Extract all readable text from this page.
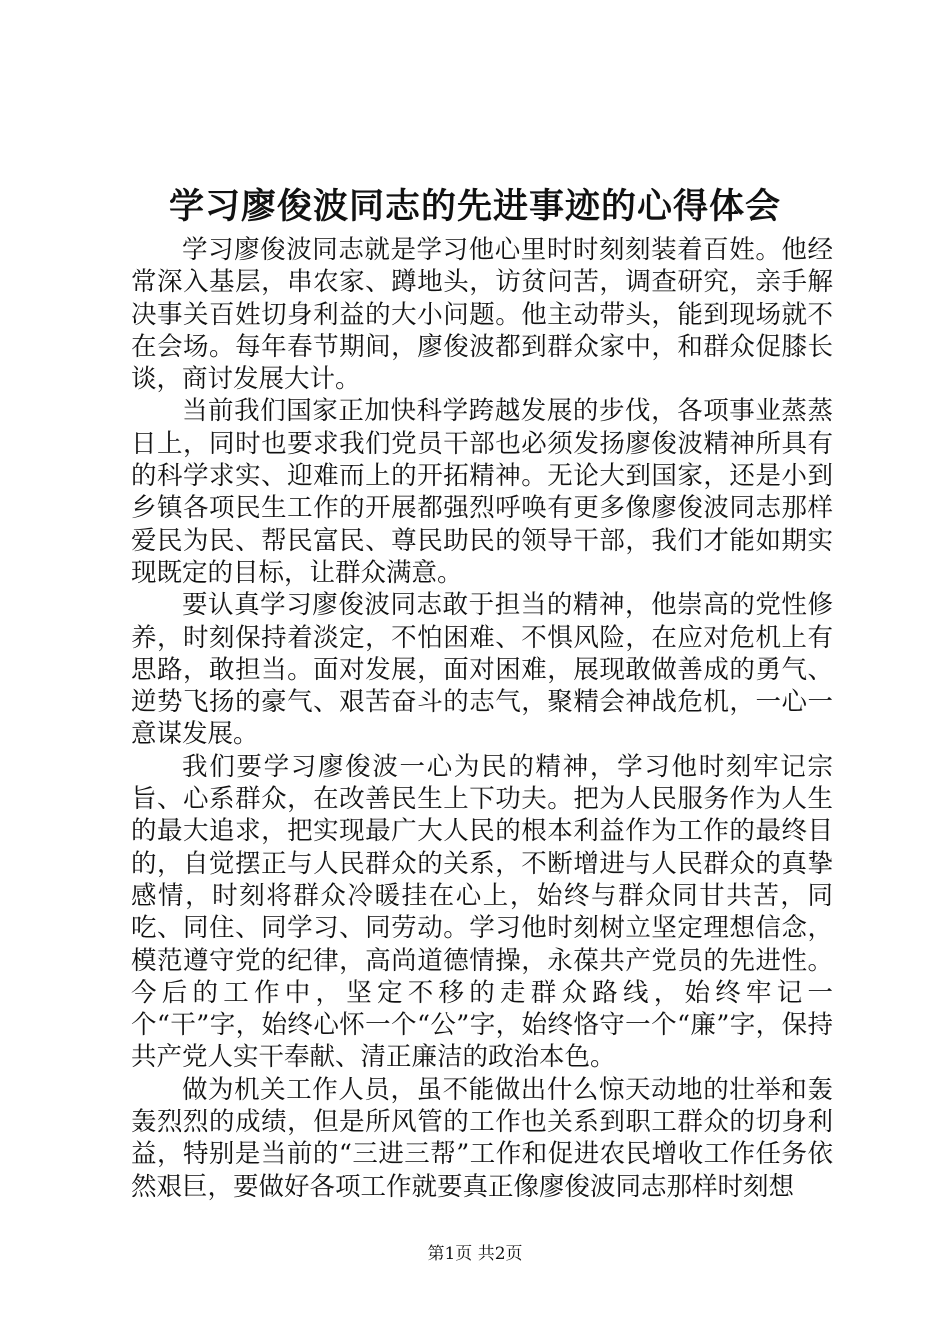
学习廖俊波同志的先进事迹的心得体会

学习廖俊波同志就是学习他心里时时刻刻装着百姓。他经常深入基层，串农家、蹲地头，访贫问苦，调查研究，亲手解决事关百姓切身利益的大小问题。他主动带头，能到现场就不在会场。每年春节期间，廖俊波都到群众家中，和群众促膝长谈，商讨发展大计。

当前我们国家正加快科学跨越发展的步伐，各项事业蒸蒸日上，同时也要求我们党员干部也必须发扬廖俊波精神所具有的科学求实、迎难而上的开拓精神。无论大到国家，还是小到乡镇各项民生工作的开展都强烈呼唤有更多像廖俊波同志那样爱民为民、帮民富民、尊民助民的领导干部，我们才能如期实现既定的目标，让群众满意。

要认真学习廖俊波同志敢于担当的精神，他崇高的党性修养，时刻保持着淡定，不怕困难、不惧风险，在应对危机上有思路，敢担当。面对发展，面对困难，展现敢做善成的勇气、逆势飞扬的豪气、艰苦奋斗的志气，聚精会神战危机，一心一意谋发展。

我们要学习廖俊波一心为民的精神，学习他时刻牢记宗旨、心系群众，在改善民生上下功夫。把为人民服务作为人生的最大追求，把实现最广大人民的根本利益作为工作的最终目的，自觉摆正与人民群众的关系，不断增进与人民群众的真挚感情，时刻将群众冷暖挂在心上，始终与群众同甘共苦，同吃、同住、同学习、同劳动。学习他时刻树立坚定理想信念，模范遵守党的纪律，高尚道德情操，永葆共产党员的先进性。今后的工作中，坚定不移的走群众路线，始终牢记一个“干”字，始终心怀一个“公”字，始终恪守一个“廉”字，保持共产党人实干奉献、清正廉洁的政治本色。

做为机关工作人员，虽不能做出什么惊天动地的壮举和轰轰烈烈的成绩，但是所风管的工作也关系到职工群众的切身利益，特别是当前的“三进三帮”工作和促进农民增收工作任务依然艰巨，要做好各项工作就要真正像廖俊波同志那样时刻想

第1页 共2页
